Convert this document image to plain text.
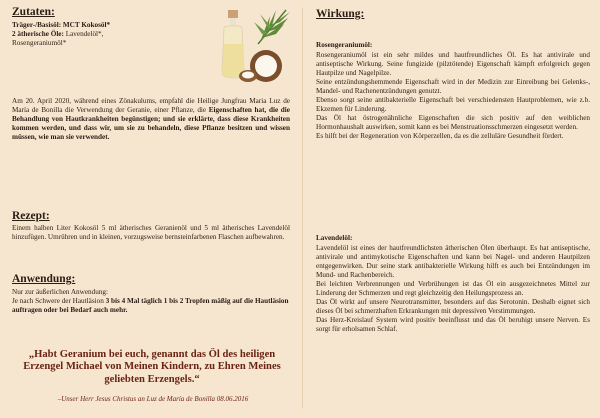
Zutaten:
Träger-/Basisöl: MCT Kokosöl*
2 ätherische Öle: Lavendelöl*,
Rosengeraniumöl*
Am 20. April 2020, während eines Zönakulums, empfahl die Heilige Jungfrau Maria Luz de María de Bonilla die Verwendung der Geranie, einer Pflanze, die Eigenschaften hat, die die Behandlung von Hautkrankheiten begünstigen; und sie erklärte, dass diese Krankheiten kommen werden, und dass wir, um sie zu behandeln, diese Pflanze besitzen und wissen müssen, wie man sie verwendet.
Rezept:
Einem halben Liter Kokosöl 5 ml ätherisches Geranienöl und 5 ml ätherisches Lavendelöl hinzufügen. Umrühren und in kleinen, vorzugsweise bernsteinfarbenen Flaschen aufbewahren.
Anwendung:
Nur zur äußerlichen Anwendung:
Je nach Schwere der Hautläsion 3 bis 4 Mal täglich 1 bis 2 Tropfen mäßig auf die Hautläsion auftragen oder bei Bedarf auch mehr.
„Habt Geranium bei euch, genannt das Öl des heiligen Erzengel Michael von Meinen Kindern, zu Ehren Meines geliebten Erzengels.“
–Unser Herr Jesus Christus an Luz de María de Bonilla 08.06.2016
Wirkung:
Rosengeraniumöl:
Rosengeraniumöl ist ein sehr mildes und hautfreundliches Öl. Es hat antivirale und antiseptische Wirkung. Seine fungizide (pilztötende) Eigenschaft kämpft erfolgreich gegen Hautpilze und Nagelpilze.
Seine entzündungshemmende Eigenschaft wird in der Medizin zur Einreibung bei Gelenks-, Mandel- und Rachenentzündungen genutzt.
Ebenso sorgt seine antibakterielle Eigenschaft bei verschiedensten Hautproblemen, wie z.b. Ekzemen für Linderung.
Das Öl hat östrogenähnliche Eigenschaften die sich positiv auf den weiblichen Hormonhaushalt auswirken, somit kann es bei Menstruationsschmerzen eingesetzt werden.
Es hilft bei der Regeneration von Körperzellen, da es die zelluläre Gesundheit fördert.
Lavendelöl:
Lavendelöl ist eines der hautfreundlichsten ätherischen Ölen überhaupt. Es hat antiseptische, antivirale und antimykotische Eigenschaften und kann bei Nagel- und anderen Hautpilzen entgegenwirken. Dur seine stark antibakterielle Wirkung hilft es auch bei Entzündungen im Mund- und Rachenbereich.
Bei leichten Verbrennungen und Verbrühungen ist das Öl ein ausgezeichnetes Mittel zur Linderung der Schmerzen und regt gleichzeitig den Heilungsprozess an.
Das Öl wirkt auf unsere Neurotransmitter, besonders auf das Serotonin. Deshalb eignet sich dieses Öl bei schmerzhaften Erkrankungen mit depressiven Verstimmungen.
Das Herz-Kreislauf System wird positiv beeinflusst und das Öl beruhigt unsere Nerven. Es sorgt für erholsamen Schlaf.
